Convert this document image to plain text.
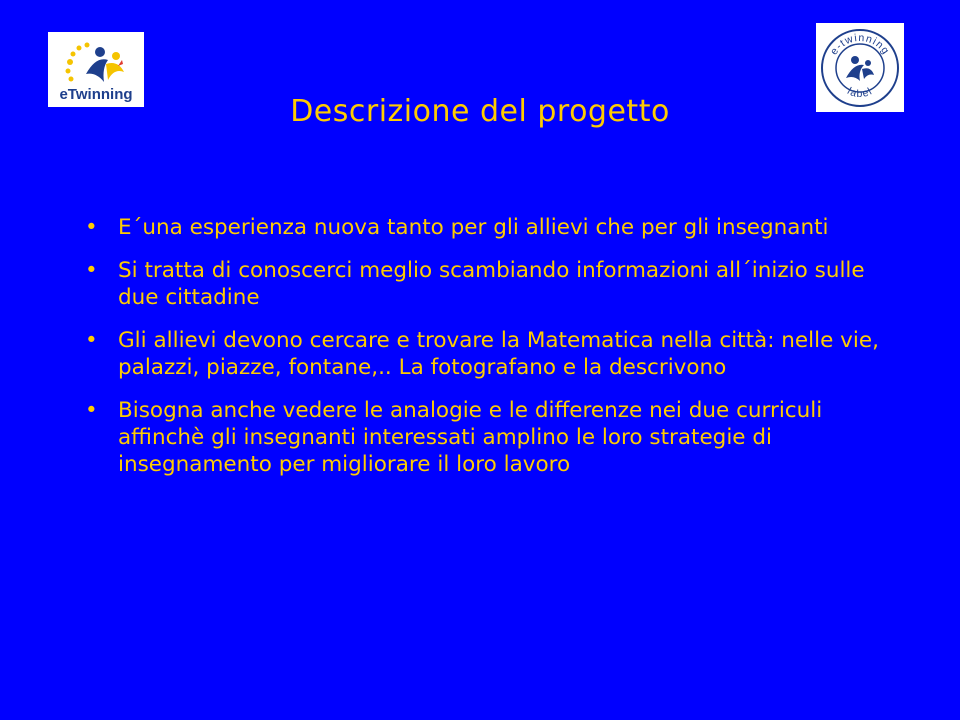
eTwinning
e-twinning
label
Descrizione del progetto
• E´una esperienza nuova tanto per gli allievi che per gli insegnanti
• Si tratta di conoscerci meglio scambiando informazioni all´inizio sulle due cittadine
• Gli allievi devono cercare e trovare la Matematica nella città: nelle vie, palazzi, piazze, fontane,.. La fotografano e la descrivono
• Bisogna anche vedere le analogie e le differenze nei due curriculi affinchè gli insegnanti interessati amplino le loro strategie di insegnamento per migliorare il loro lavoro
